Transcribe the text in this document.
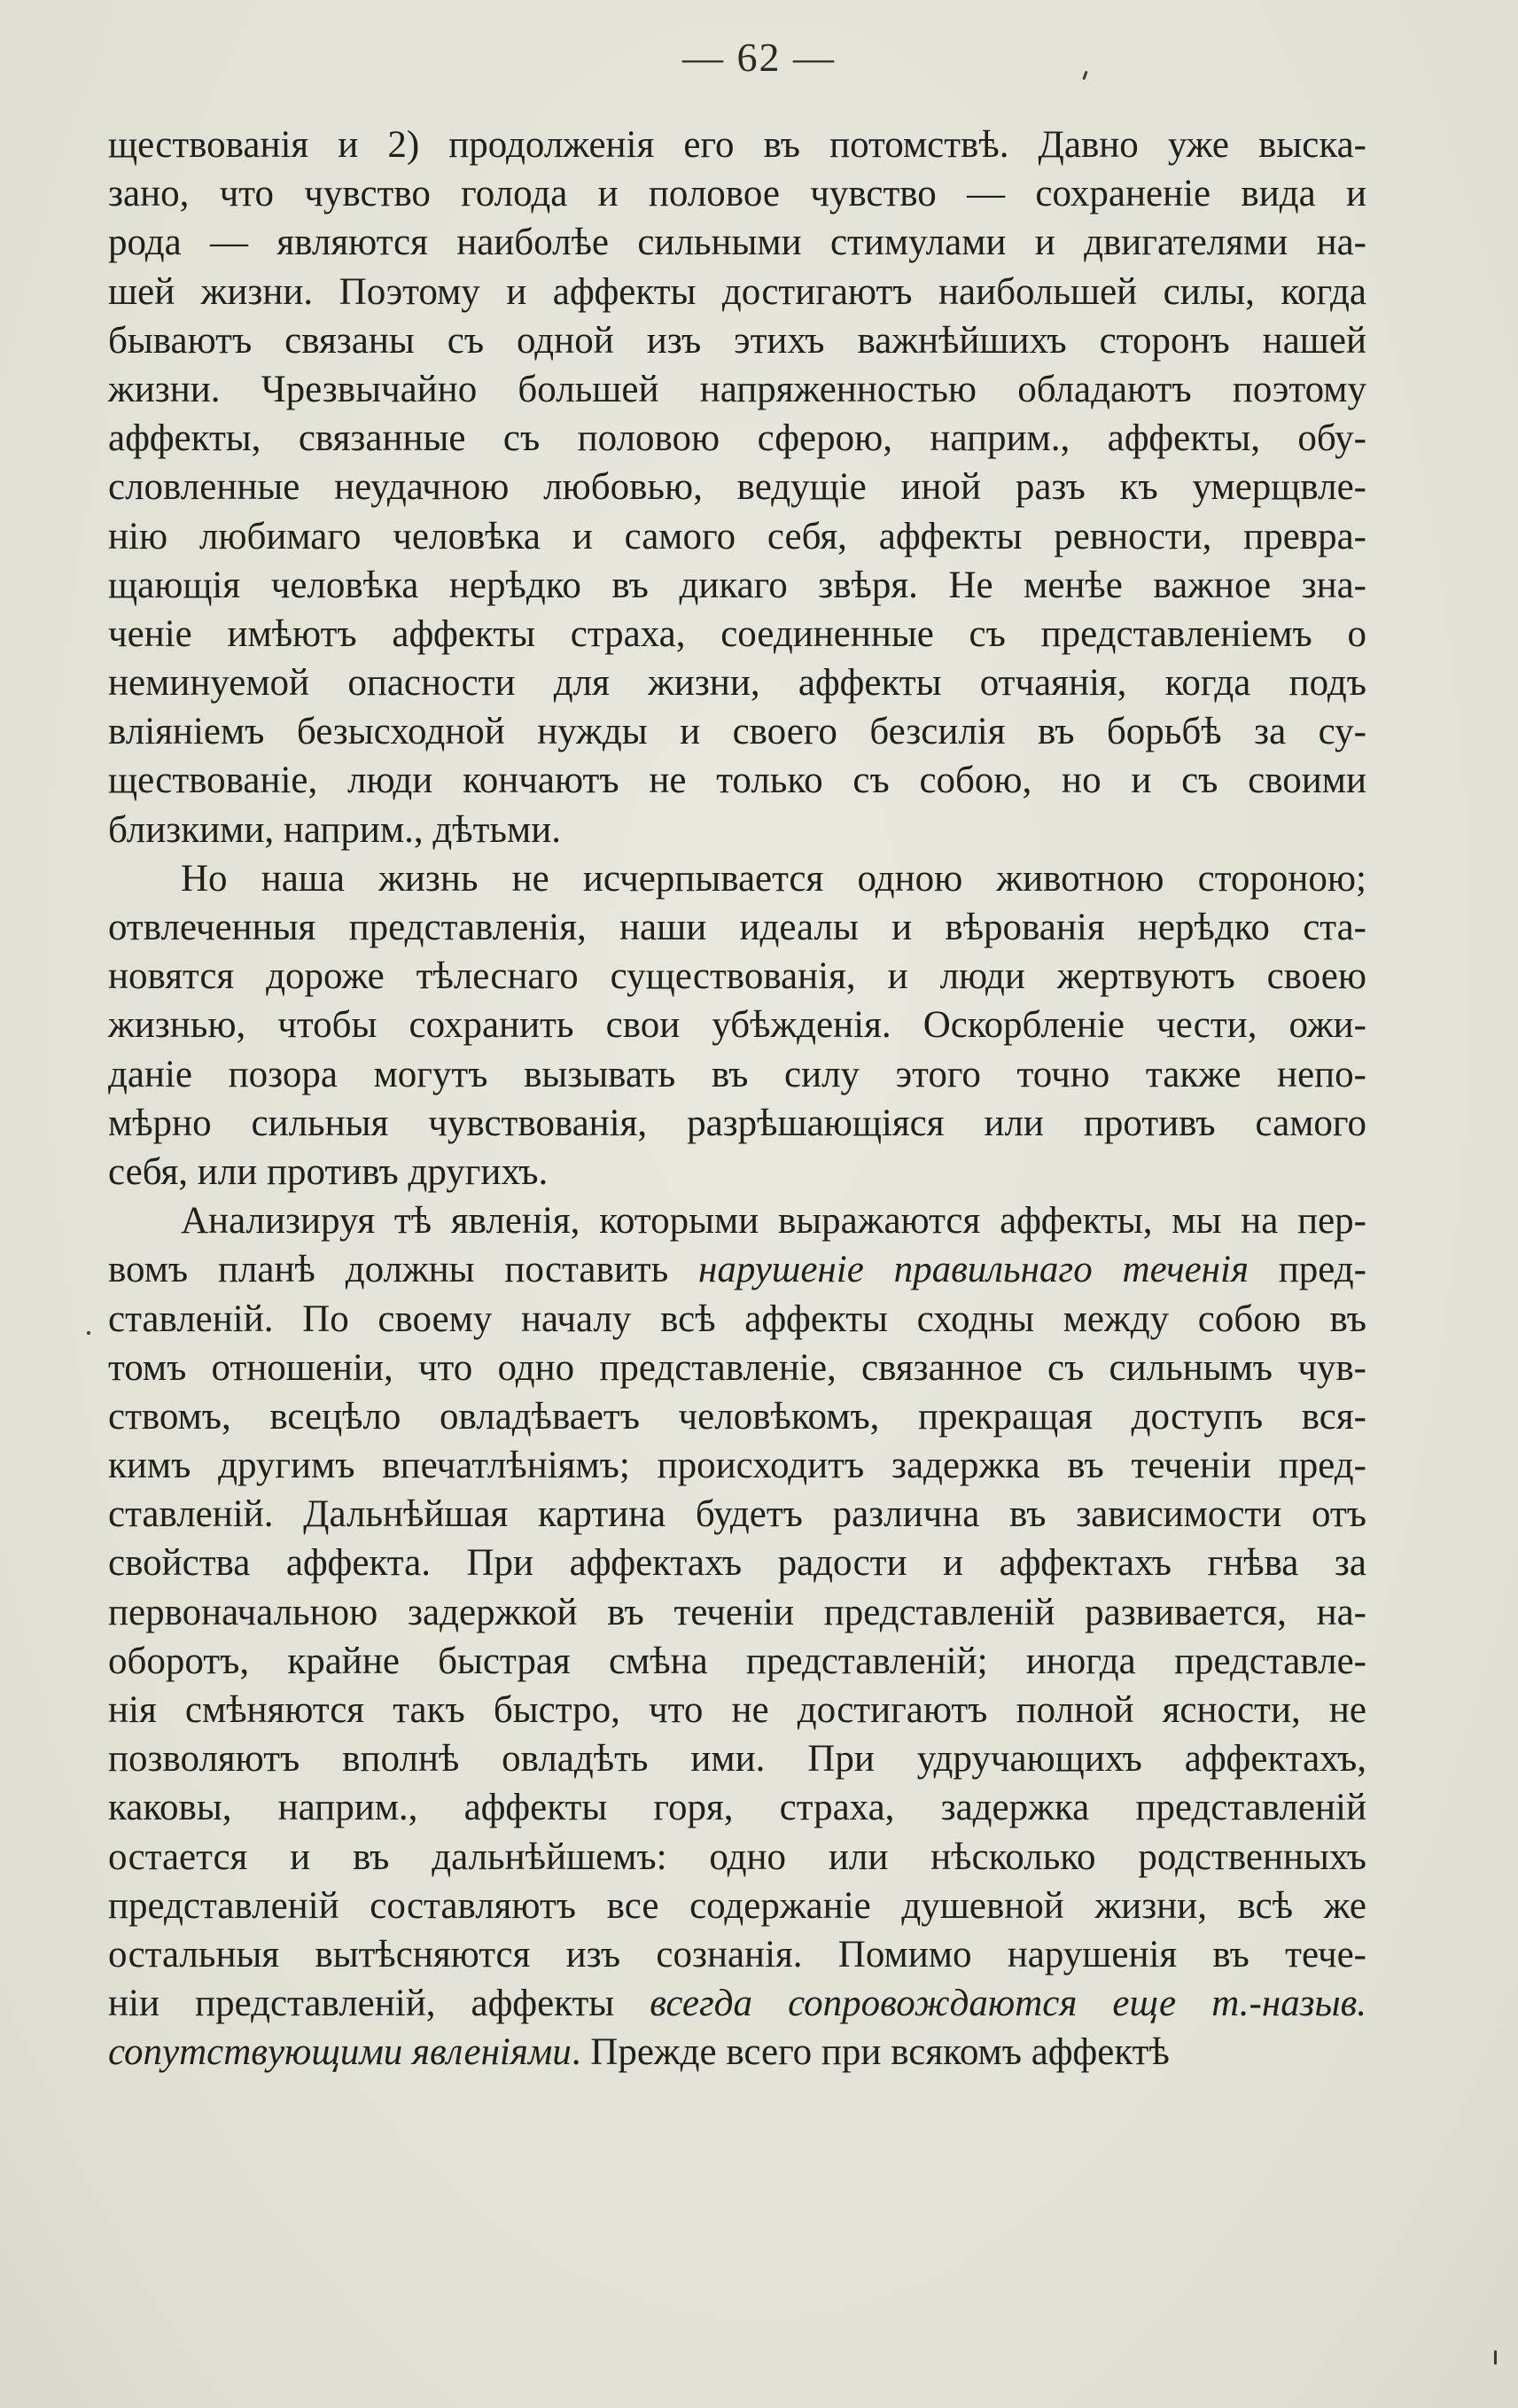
— 62 —
ществованія и 2) продолженія его въ потомствѣ. Давно уже выска-
зано, что чувство голода и половое чувство — сохраненіе вида и
рода — являются наиболѣе сильными стимулами и двигателями на-
шей жизни. Поэтому и аффекты достигаютъ наибольшей силы, когда
бываютъ связаны съ одной изъ этихъ важнѣйшихъ сторонъ нашей
жизни. Чрезвычайно большей напряженностью обладаютъ поэтому
аффекты, связанные съ половою сферою, наприм., аффекты, обу-
словленные неудачною любовью, ведущіе иной разъ къ умерщвле-
нію любимаго человѣка и самого себя, аффекты ревности, превра-
щающія человѣка нерѣдко въ дикаго звѣря. Не менѣе важное зна-
ченіе имѣютъ аффекты страха, соединенные съ представленіемъ о
неминуемой опасности для жизни, аффекты отчаянія, когда подъ
вліяніемъ безысходной нужды и своего безсилія въ борьбѣ за су-
ществованіе, люди кончаютъ не только съ собою, но и съ своими
близкими, наприм., дѣтьми.
Но наша жизнь не исчерпывается одною животною стороною;
отвлеченныя представленія, наши идеалы и вѣрованія нерѣдко ста-
новятся дороже тѣлеснаго существованія, и люди жертвуютъ своею
жизнью, чтобы сохранить свои убѣжденія. Оскорбленіе чести, ожи-
даніе позора могутъ вызывать въ силу этого точно также непо-
мѣрно сильныя чувствованія, разрѣшающіяся или противъ самого
себя, или противъ другихъ.
Анализируя тѣ явленія, которыми выражаются аффекты, мы на пер-
вомъ планѣ должны поставить нарушеніе правильнаго теченія пред-
ставленій. По своему началу всѣ аффекты сходны между собою въ
томъ отношеніи, что одно представленіе, связанное съ сильнымъ чув-
ствомъ, всецѣло овладѣваетъ человѣкомъ, прекращая доступъ вся-
кимъ другимъ впечатлѣніямъ; происходитъ задержка въ теченіи пред-
ставленій. Дальнѣйшая картина будетъ различна въ зависимости отъ
свойства аффекта. При аффектахъ радости и аффектахъ гнѣва за
первоначальною задержкой въ теченіи представленій развивается, на-
оборотъ, крайне быстрая смѣна представленій; иногда представле-
нія смѣняются такъ быстро, что не достигаютъ полной ясности, не
позволяютъ вполнѣ овладѣть ими. При удручающихъ аффектахъ,
каковы, наприм., аффекты горя, страха, задержка представленій
остается и въ дальнѣйшемъ: одно или нѣсколько родственныхъ
представленій составляютъ все содержаніе душевной жизни, всѣ же
остальныя вытѣсняются изъ сознанія. Помимо нарушенія въ тече-
ніи представленій, аффекты всегда сопровождаются еще т.-назыв.
сопутствующими явленіями. Прежде всего при всякомъ аффектѣ
